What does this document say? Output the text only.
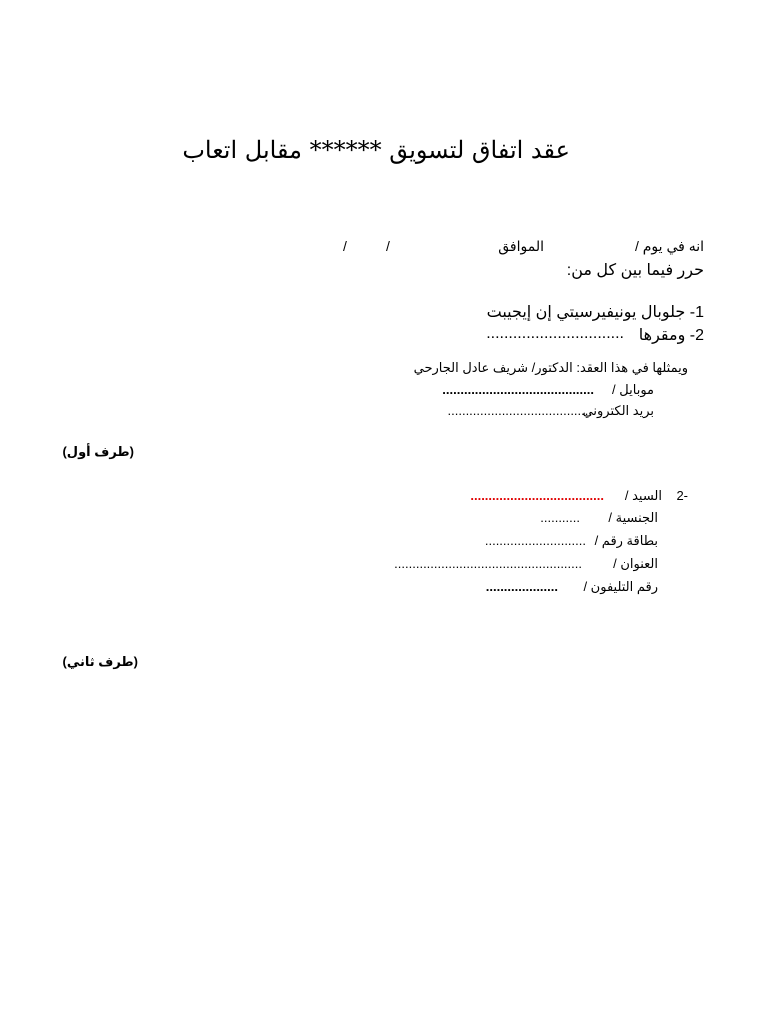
عقد اتفاق لتسويق ****** مقابل اتعاب
انه في يوم /
الموافق
/
/
حرر فيما بين كل من:
1- جلوبال يونيفيرسيتي إن إيجيبت
2- ومقرها
...............................
ويمثلها في هذا العقد: الدكتور/ شريف عادل الجارحي
موبايل /
..........................................
بريد الكتروني
........................................
(طرف أول)
2-
السيد /
.....................................
الجنسية /
...........
بطاقة رقم /
............................
العنوان /
....................................................
رقم التليفون /
....................
(طرف ثاني)
